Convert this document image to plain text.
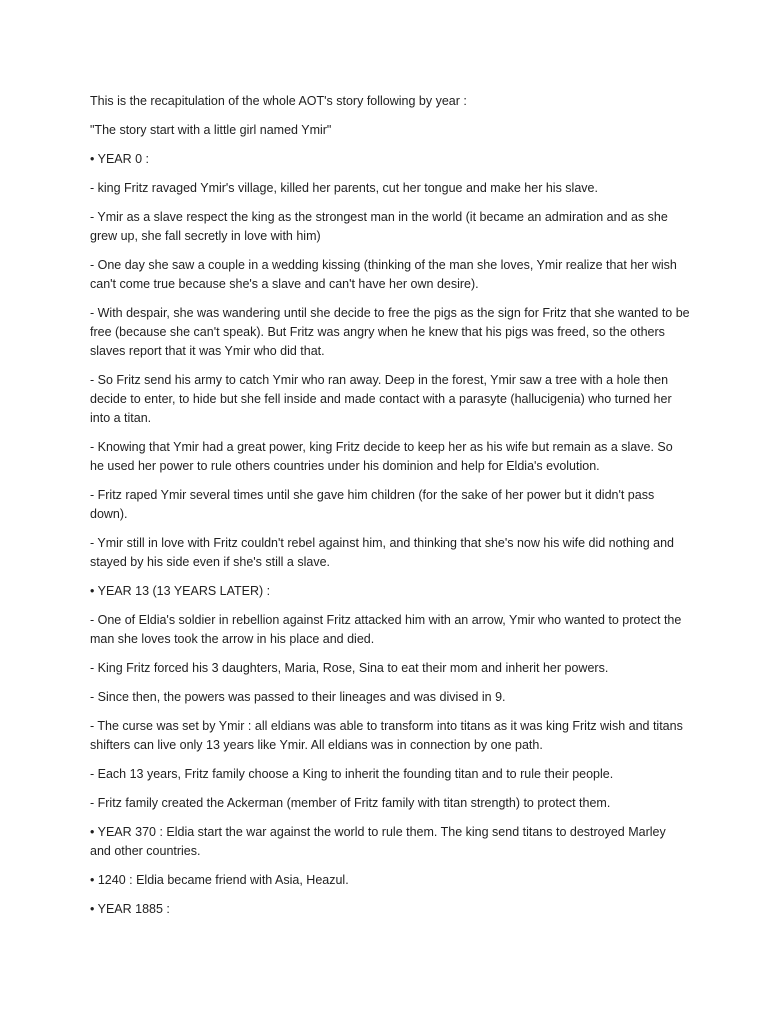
This is the recapitulation of the whole AOT's story following by year :

"The story start with a little girl named Ymir"

• YEAR 0 :

- king Fritz ravaged Ymir's village, killed her parents, cut her tongue and make her his slave.

- Ymir as a slave respect the king as the strongest man in the world (it became an admiration and as she grew up, she fall secretly in love with him)

- One day she saw a couple in a wedding kissing (thinking of the man she loves, Ymir realize that her wish can't come true because she's a slave and can't have her own desire).

- With despair, she was wandering until she decide to free the pigs as the sign for Fritz that she wanted to be free (because she can't speak). But Fritz was angry when he knew that his pigs was freed, so the others slaves report that it was Ymir who did that.

- So Fritz send his army to catch Ymir who ran away. Deep in the forest, Ymir saw a tree with a hole then decide to enter, to hide but she fell inside and made contact with a parasyte (hallucigenia) who turned her into a titan.

- Knowing that Ymir had a great power, king Fritz decide to keep her as his wife but remain as a slave. So he used her power to rule others countries under his dominion and help for Eldia's evolution.

- Fritz raped Ymir several times until she gave him children (for the sake of her power but it didn't pass down).

- Ymir still in love with Fritz couldn't rebel against him, and thinking that she's now his wife did nothing and stayed by his side even if she's still a slave.

• YEAR 13 (13 YEARS LATER) :

- One of Eldia's soldier in rebellion against Fritz attacked him with an arrow, Ymir who wanted to protect the man she loves took the arrow in his place and died.

- King Fritz forced his 3 daughters, Maria, Rose, Sina to eat their mom and inherit her powers.

- Since then, the powers was passed to their lineages and was divised in 9.

- The curse was set by Ymir : all eldians was able to transform into titans as it was king Fritz wish and titans shifters can live only 13 years like Ymir. All eldians was in connection by one path.

- Each 13 years, Fritz family choose a King to inherit the founding titan and to rule their people.

- Fritz family created the Ackerman (member of Fritz family with titan strength) to protect them.

• YEAR 370 : Eldia start the war against the world to rule them. The king send titans to destroyed Marley and other countries.

• 1240 : Eldia became friend with Asia, Heazul.

• YEAR 1885 :
